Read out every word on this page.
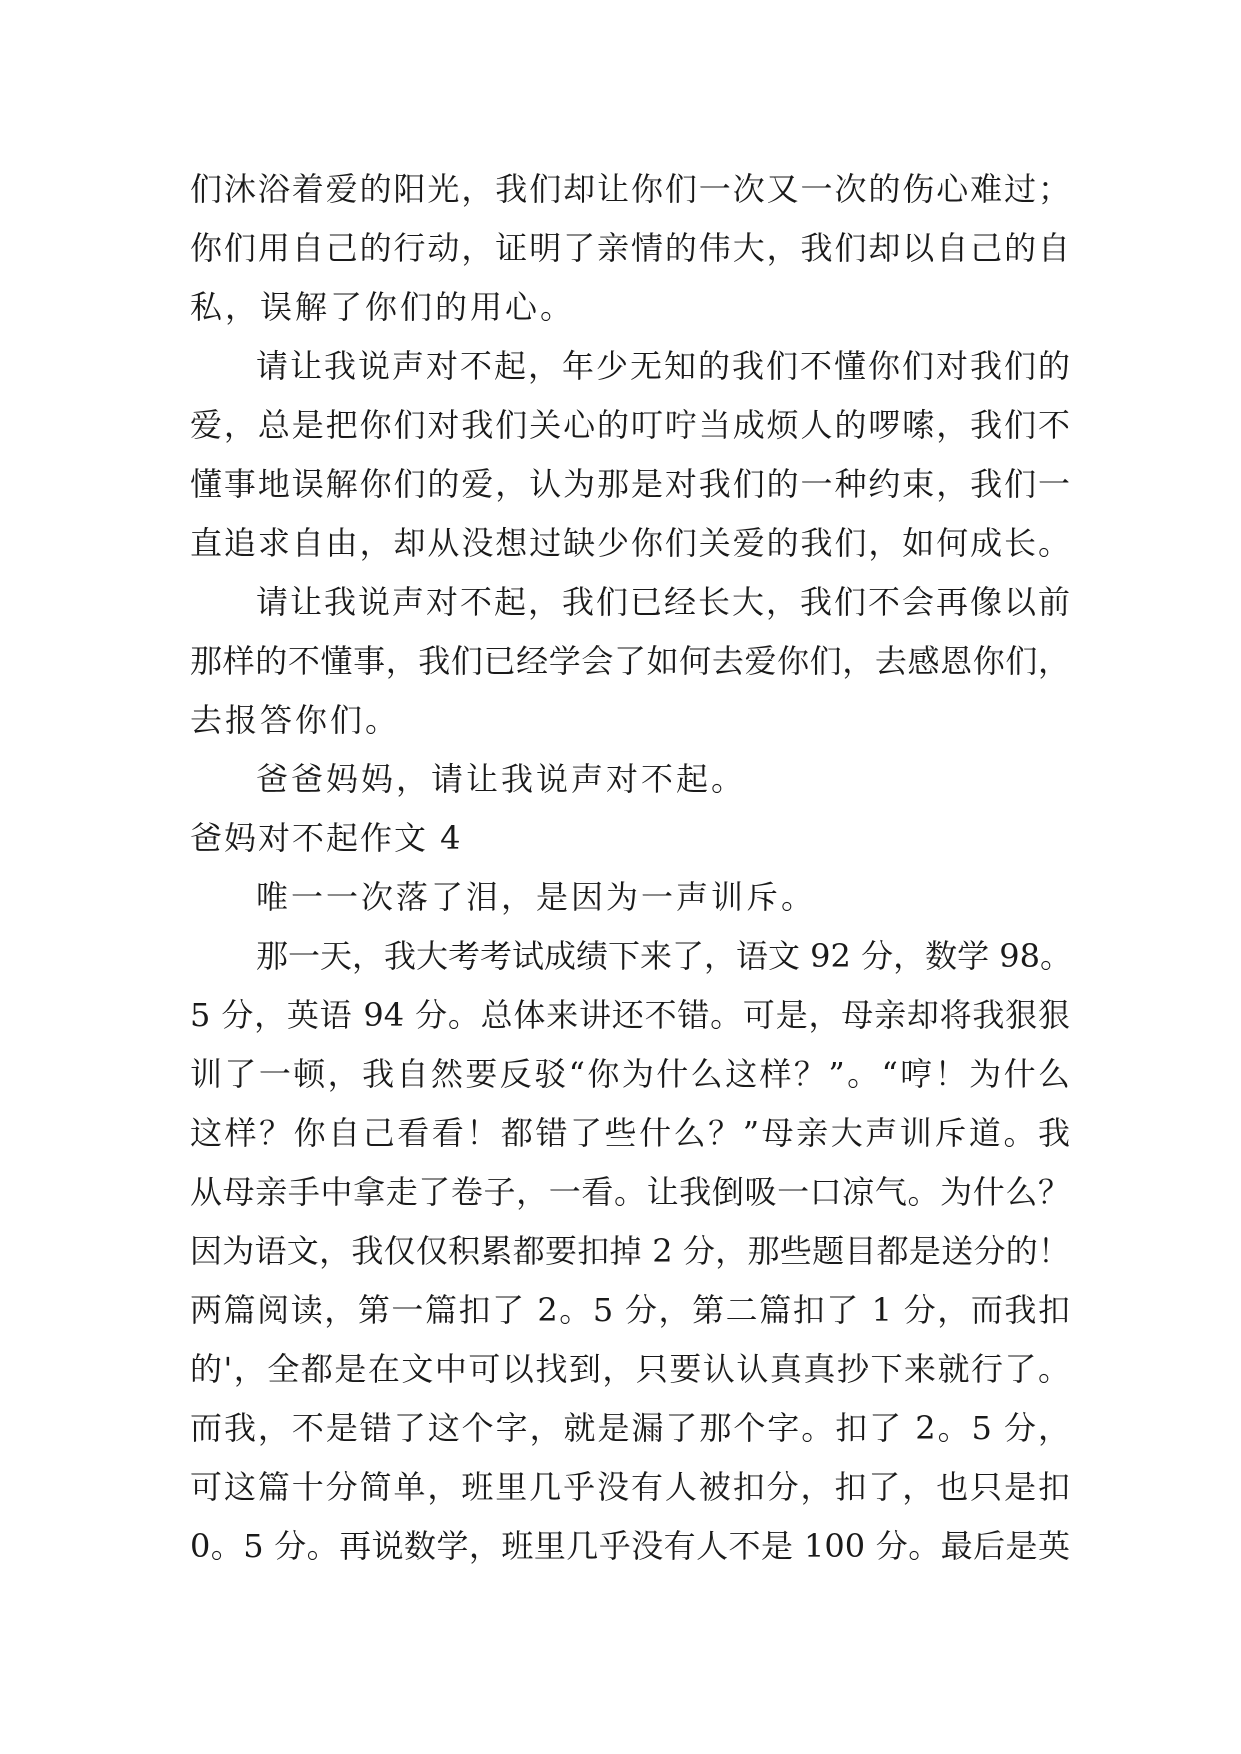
们沐浴着爱的阳光，我们却让你们一次又一次的伤心难过；
你们用自己的行动，证明了亲情的伟大，我们却以自己的自
私，误解了你们的用心。
请让我说声对不起，年少无知的我们不懂你们对我们的
爱，总是把你们对我们关心的叮咛当成烦人的啰嗦，我们不
懂事地误解你们的爱，认为那是对我们的一种约束，我们一
直追求自由，却从没想过缺少你们关爱的我们，如何成长。
请让我说声对不起，我们已经长大，我们不会再像以前
那样的不懂事，我们已经学会了如何去爱你们，去感恩你们，
去报答你们。
爸爸妈妈，请让我说声对不起。
爸妈对不起作文 4
唯一一次落了泪，是因为一声训斥。
那一天，我大考考试成绩下来了，语文 92 分，数学 98。
5 分，英语 94 分。总体来讲还不错。可是，母亲却将我狠狠
训了一顿，我自然要反驳“你为什么这样？”。“哼！为什么
这样？你自己看看！都错了些什么？”母亲大声训斥道。我
从母亲手中拿走了卷子，一看。让我倒吸一口凉气。为什么？
因为语文，我仅仅积累都要扣掉 2 分，那些题目都是送分的！
两篇阅读，第一篇扣了 2。5 分，第二篇扣了 1 分，而我扣
的'，全都是在文中可以找到，只要认认真真抄下来就行了。
而我，不是错了这个字，就是漏了那个字。扣了 2。5 分，
可这篇十分简单，班里几乎没有人被扣分，扣了，也只是扣
0。5 分。再说数学，班里几乎没有人不是 100 分。最后是英
